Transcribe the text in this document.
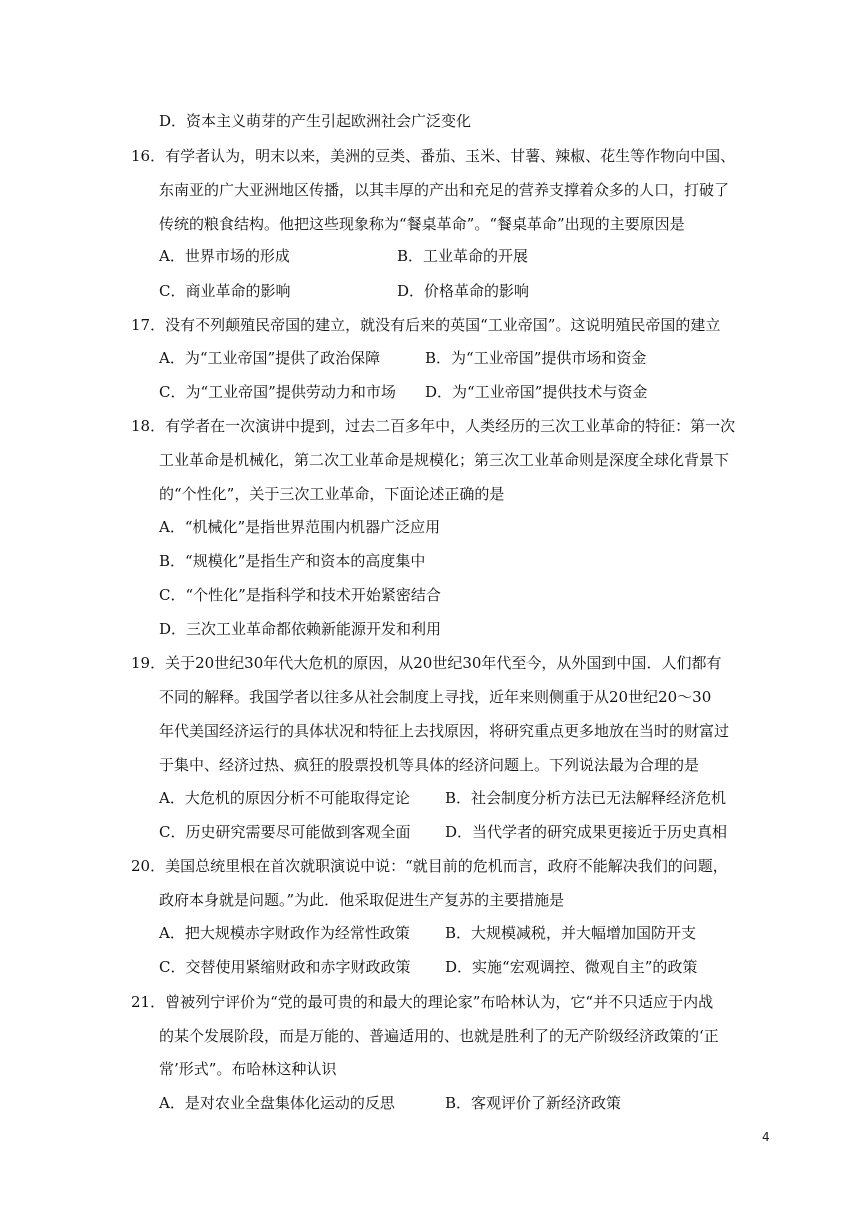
D．资本主义萌芽的产生引起欧洲社会广泛变化
16．有学者认为，明末以来，美洲的豆类、番茄、玉米、甘薯、辣椒、花生等作物向中国、
东南亚的广大亚洲地区传播，以其丰厚的产出和充足的营养支撑着众多的人口，打破了
传统的粮食结构。他把这些现象称为“餐桌革命”。“餐桌革命”出现的主要原因是
A．世界市场的形成	B．工业革命的开展
C．商业革命的影响	D．价格革命的影响
17．没有不列颠殖民帝国的建立，就没有后来的英国“工业帝国”。这说明殖民帝国的建立
A．为“工业帝国”提供了政治保障	B．为“工业帝国”提供市场和资金
C．为“工业帝国”提供劳动力和市场 D．为“工业帝国”提供技术与资金
18．有学者在一次演讲中提到，过去二百多年中，人类经历的三次工业革命的特征：第一次
工业革命是机械化，第二次工业革命是规模化；第三次工业革命则是深度全球化背景下
的“个性化”，关于三次工业革命，下面论述正确的是
A．“机械化”是指世界范围内机器广泛应用
B．“规模化”是指生产和资本的高度集中
C．“个性化”是指科学和技术开始紧密结合
D．三次工业革命都依赖新能源开发和利用
19．关于20世纪30年代大危机的原因，从20世纪30年代至今，从外国到中国．人们都有
不同的解释。我国学者以往多从社会制度上寻找，近年来则侧重于从20世纪20～30
年代美国经济运行的具体状况和特征上去找原因，将研究重点更多地放在当时的财富过
于集中、经济过热、疯狂的股票投机等具体的经济问题上。下列说法最为合理的是
A．大危机的原因分析不可能取得定论 B．社会制度分析方法已无法解释经济危机
C．历史研究需要尽可能做到客观全面 D．当代学者的研究成果更接近于历史真相
20．美国总统里根在首次就职演说中说：“就目前的危机而言，政府不能解决我们的问题，
政府本身就是问题。”为此．他采取促进生产复苏的主要措施是
A．把大规模赤字财政作为经常性政策 B．大规模减税，并大幅增加国防开支
C．交替使用紧缩财政和赤字财政政策 D．实施“宏观调控、微观自主”的政策
21．曾被列宁评价为“党的最可贵的和最大的理论家”布哈林认为，它“并不只适应于内战
的某个发展阶段，而是万能的、普遍适用的、也就是胜利了的无产阶级经济政策的‘正
常’形式”。布哈林这种认识
A．是对农业全盘集体化运动的反思	B．客观评价了新经济政策
4
